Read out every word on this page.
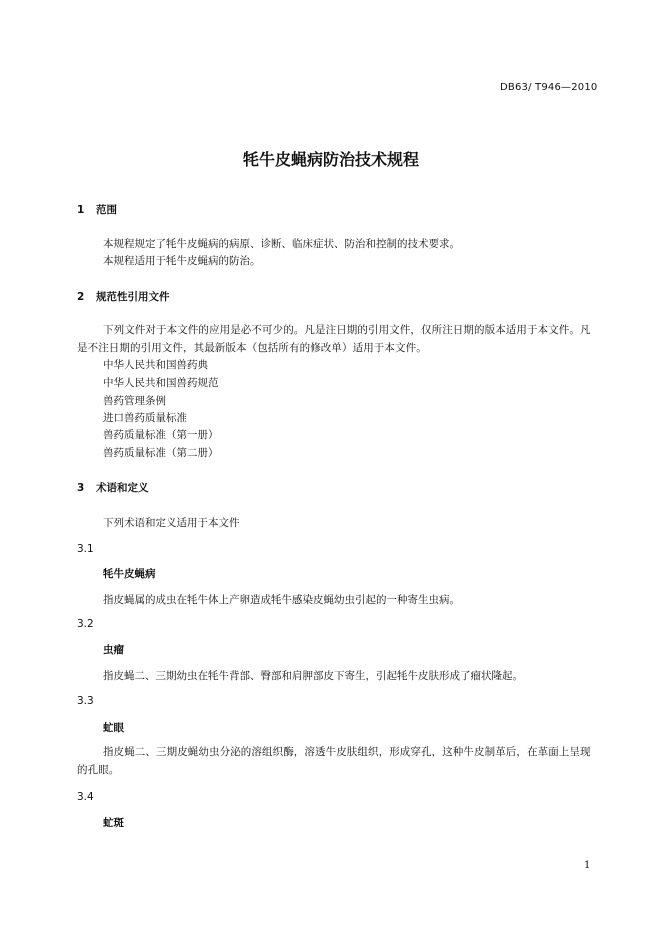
DB63/ T946—2010
牦牛皮蝇病防治技术规程
1 范围
本规程规定了牦牛皮蝇病的病原、诊断、临床症状、防治和控制的技术要求。
本规程适用于牦牛皮蝇病的防治。
2 规范性引用文件
下列文件对于本文件的应用是必不可少的。凡是注日期的引用文件，仅所注日期的版本适用于本文件。凡是不注日期的引用文件，其最新版本（包括所有的修改单）适用于本文件。
中华人民共和国兽药典
中华人民共和国兽药规范
兽药管理条例
进口兽药质量标准
兽药质量标准（第一册）
兽药质量标准（第二册）
3 术语和定义
下列术语和定义适用于本文件
3.1
牦牛皮蝇病
指皮蝇属的成虫在牦牛体上产卵造成牦牛感染皮蝇幼虫引起的一种寄生虫病。
3.2
虫瘤
指皮蝇二、三期幼虫在牦牛背部、臀部和肩胛部皮下寄生，引起牦牛皮肤形成了瘤状隆起。
3.3
虻眼
指皮蝇二、三期皮蝇幼虫分泌的溶组织酶，溶透牛皮肤组织，形成穿孔，这种牛皮制革后，在革面上呈现的孔眼。
3.4
虻斑
1
